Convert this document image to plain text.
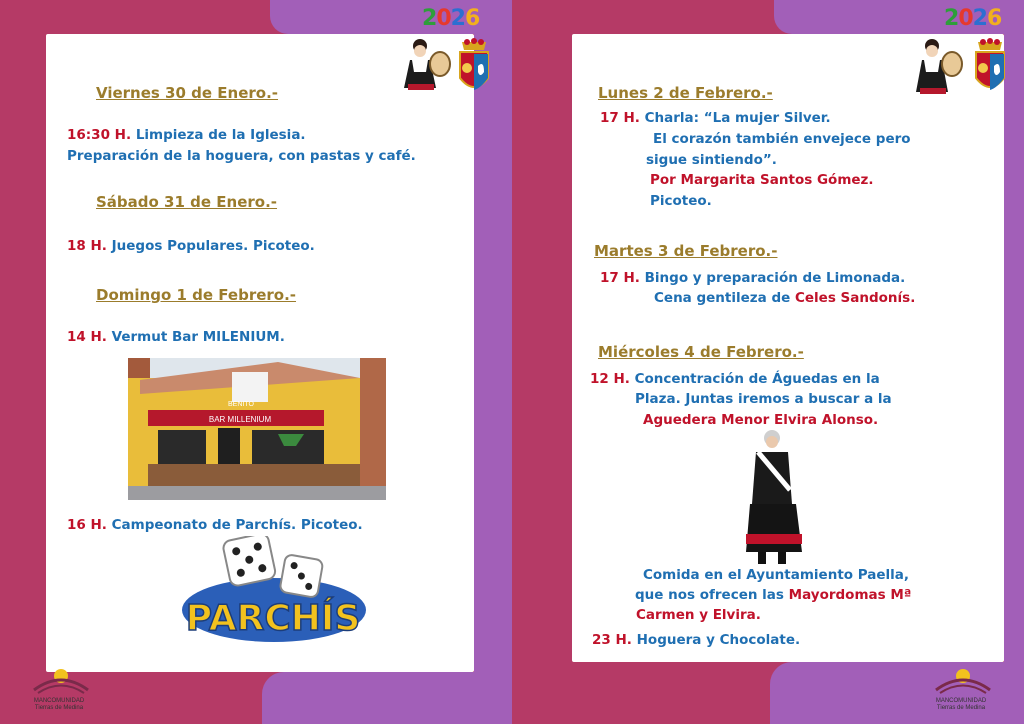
2026
Viernes 30 de Enero.-
16:30 H. Limpieza de la Iglesia.
Preparación de la hoguera, con pastas y café.
Sábado 31 de Enero.-
18 H. Juegos Populares. Picoteo.
Domingo 1 de Febrero.-
14 H. Vermut Bar MILENIUM.
BAR MILLENIUM
BENITO
16 H. Campeonato de Parchís. Picoteo.
PARCHÍS
MANCOMUNIDAD
Tierras de Medina
2026
Lunes 2 de Febrero.-
17 H. Charla: “La mujer Silver.
El corazón también envejece pero
sigue sintiendo”.
Por Margarita Santos Gómez.
Picoteo.
Martes 3 de Febrero.-
17 H. Bingo y preparación de Limonada.
Cena gentileza de Celes Sandonís.
Miércoles 4 de Febrero.-
12 H. Concentración de Águedas en la
Plaza. Juntas iremos a buscar a la
Aguedera Menor Elvira Alonso.
Comida en el Ayuntamiento Paella,
que nos ofrecen las Mayordomas Mª
Carmen y Elvira.
23 H. Hoguera y Chocolate.
MANCOMUNIDAD
Tierras de Medina
